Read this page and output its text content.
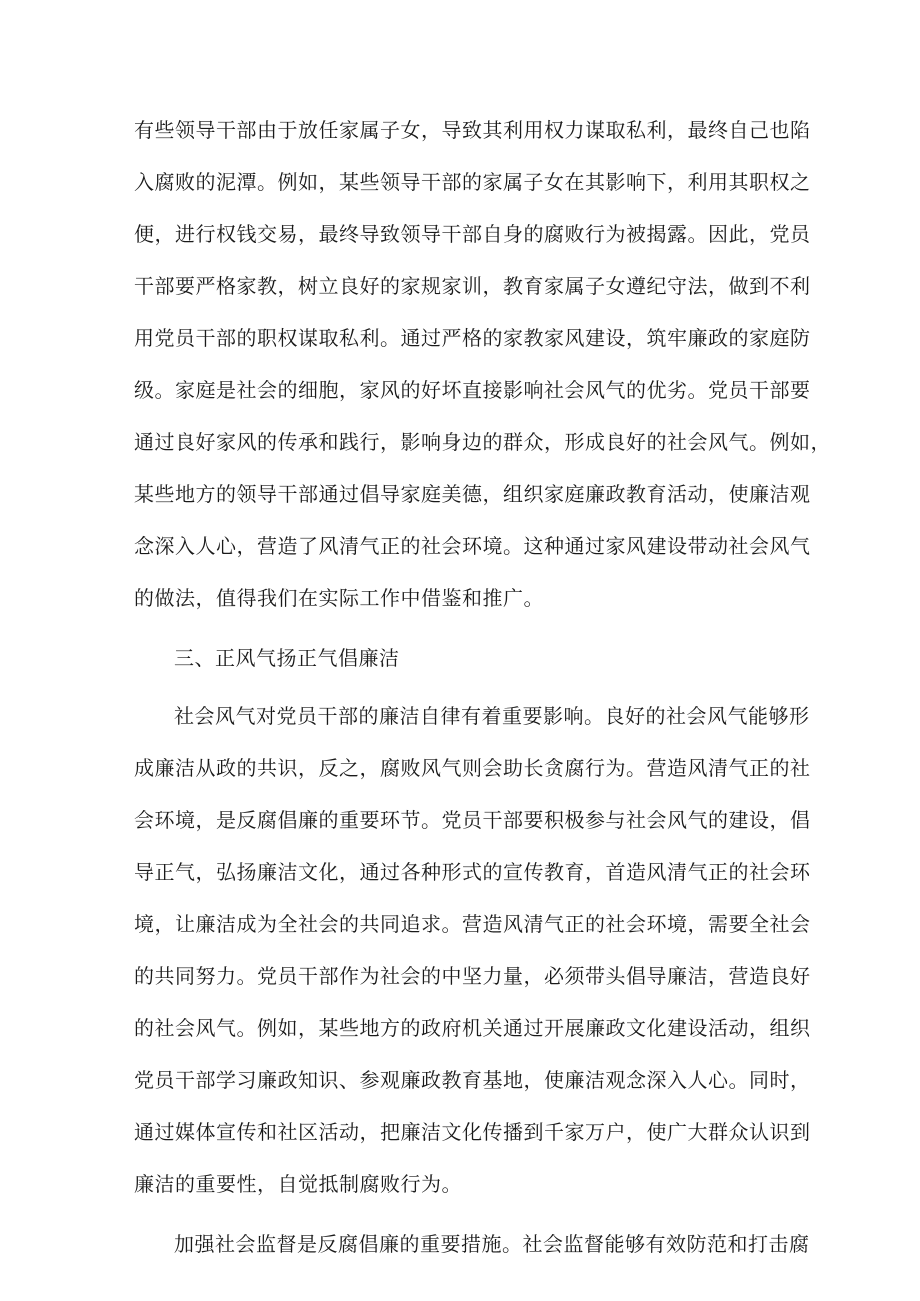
有些领导干部由于放任家属子女，导致其利用权力谋取私利，最终自己也陷
入腐败的泥潭。例如，某些领导干部的家属子女在其影响下，利用其职权之
便，进行权钱交易，最终导致领导干部自身的腐败行为被揭露。因此，党员
干部要严格家教，树立良好的家规家训，教育家属子女遵纪守法，做到不利
用党员干部的职权谋取私利。通过严格的家教家风建设，筑牢廉政的家庭防
级。家庭是社会的细胞，家风的好坏直接影响社会风气的优劣。党员干部要
通过良好家风的传承和践行，影响身边的群众，形成良好的社会风气。例如，
某些地方的领导干部通过倡导家庭美德，组织家庭廉政教育活动，使廉洁观
念深入人心，营造了风清气正的社会环境。这种通过家风建设带动社会风气
的做法，值得我们在实际工作中借鉴和推广。
三、正风气扬正气倡廉洁
社会风气对党员干部的廉洁自律有着重要影响。良好的社会风气能够形
成廉洁从政的共识，反之，腐败风气则会助长贪腐行为。营造风清气正的社
会环境，是反腐倡廉的重要环节。党员干部要积极参与社会风气的建设，倡
导正气，弘扬廉洁文化，通过各种形式的宣传教育，首造风清气正的社会环
境，让廉洁成为全社会的共同追求。营造风清气正的社会环境，需要全社会
的共同努力。党员干部作为社会的中坚力量，必须带头倡导廉洁，营造良好
的社会风气。例如，某些地方的政府机关通过开展廉政文化建设活动，组织
党员干部学习廉政知识、参观廉政教育基地，使廉洁观念深入人心。同时，
通过媒体宣传和社区活动，把廉洁文化传播到千家万户，使广大群众认识到
廉洁的重要性，自觉抵制腐败行为。
加强社会监督是反腐倡廉的重要措施。社会监督能够有效防范和打击腐
